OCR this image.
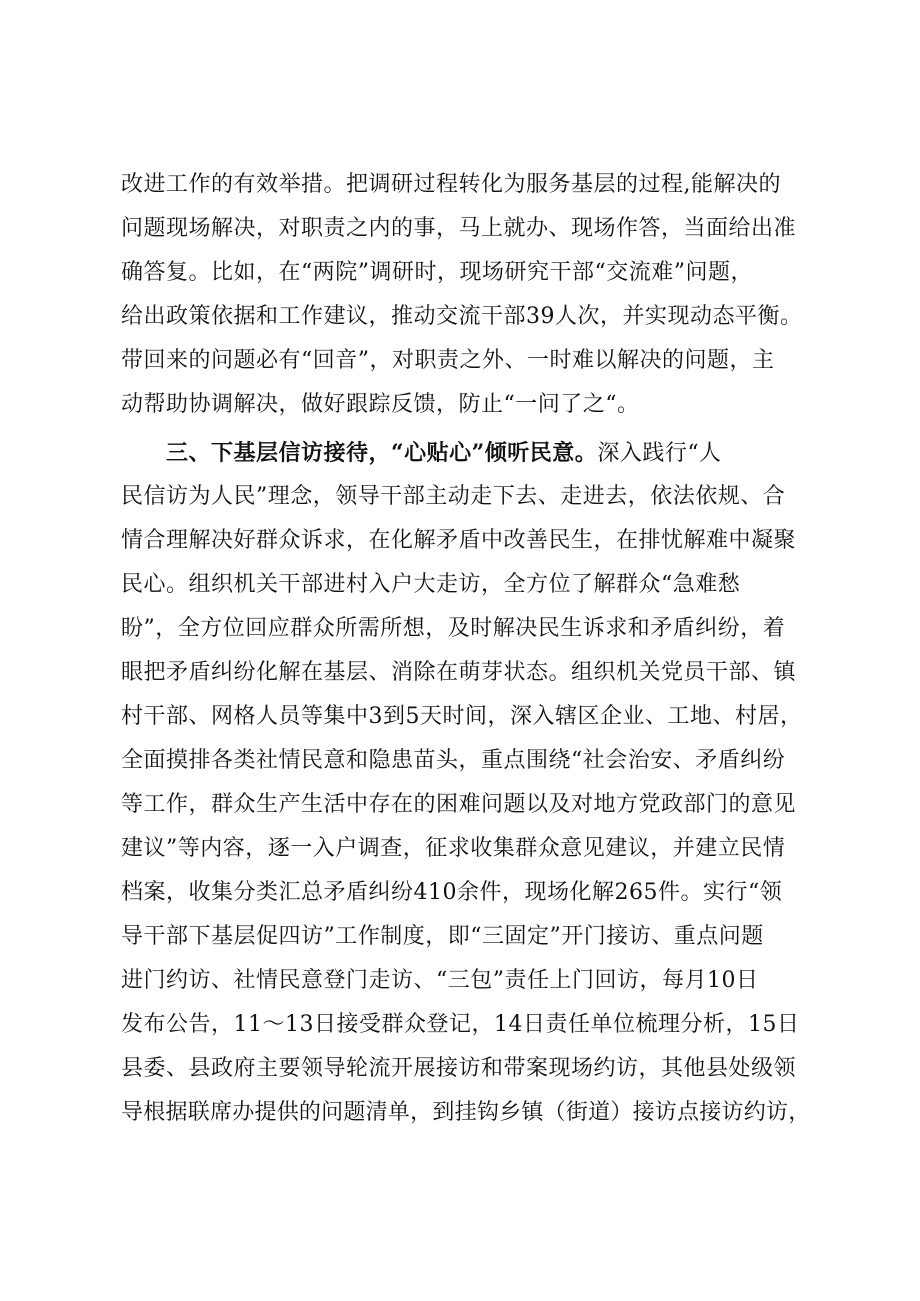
改进工作的有效举措。把调研过程转化为服务基层的过程,能解决的
问题现场解决，对职责之内的事，马上就办、现场作答，当面给出准
确答复。比如，在“两院”调研时，现场研究干部“交流难”问题，
给出政策依据和工作建议，推动交流干部39人次，并实现动态平衡。
带回来的问题必有“回音”，对职责之外、一时难以解决的问题，主
动帮助协调解决，做好跟踪反馈，防止“一问了之“。
三、下基层信访接待，“心贴心”倾听民意。深入践行“人
民信访为人民”理念，领导干部主动走下去、走进去，依法依规、合
情合理解决好群众诉求，在化解矛盾中改善民生，在排忧解难中凝聚
民心。组织机关干部进村入户大走访，全方位了解群众“急难愁
盼”，全方位回应群众所需所想，及时解决民生诉求和矛盾纠纷，着
眼把矛盾纠纷化解在基层、消除在萌芽状态。组织机关党员干部、镇
村干部、网格人员等集中3到5天时间，深入辖区企业、工地、村居，
全面摸排各类社情民意和隐患苗头，重点围绕“社会治安、矛盾纠纷
等工作，群众生产生活中存在的困难问题以及对地方党政部门的意见
建议”等内容，逐一入户调查，征求收集群众意见建议，并建立民情
档案，收集分类汇总矛盾纠纷410余件，现场化解265件。实行“领
导干部下基层促四访”工作制度，即“三固定”开门接访、重点问题
进门约访、社情民意登门走访、“三包”责任上门回访，每月10日
发布公告，11～13日接受群众登记，14日责任单位梳理分析，15日
县委、县政府主要领导轮流开展接访和带案现场约访，其他县处级领
导根据联席办提供的问题清单，到挂钩乡镇（街道）接访点接访约访，
